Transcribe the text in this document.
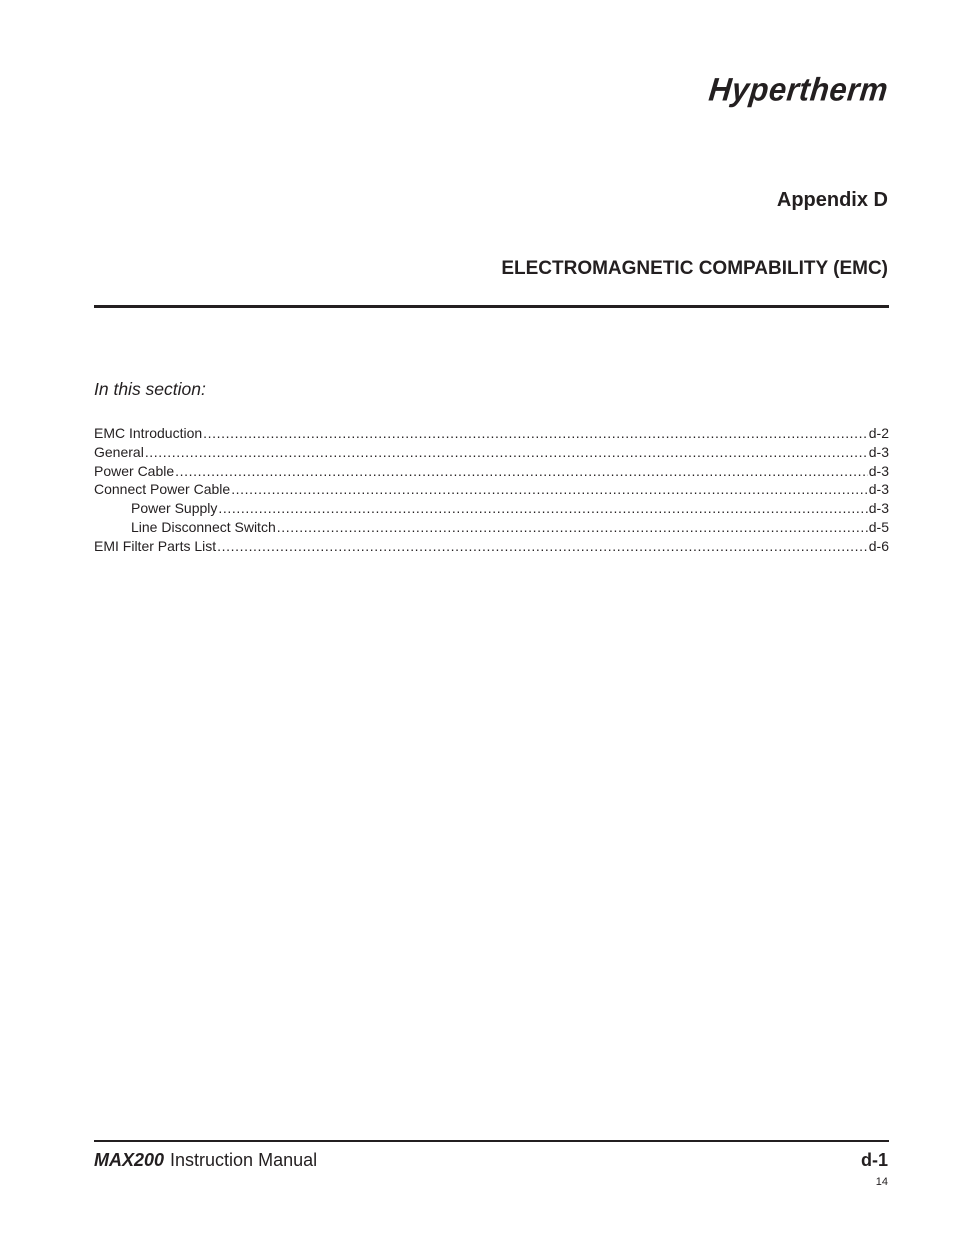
Hypertherm
Appendix D
ELECTROMAGNETIC COMPABILITY (EMC)
In this section:
EMC Introduction .....	d-2
General .....	d-3
Power Cable .....	d-3
Connect Power Cable .....	d-3
Power Supply .....	d-3
Line Disconnect Switch .....	d-5
EMI Filter Parts List .....	d-6
MAX200 Instruction Manual	d-1
14
